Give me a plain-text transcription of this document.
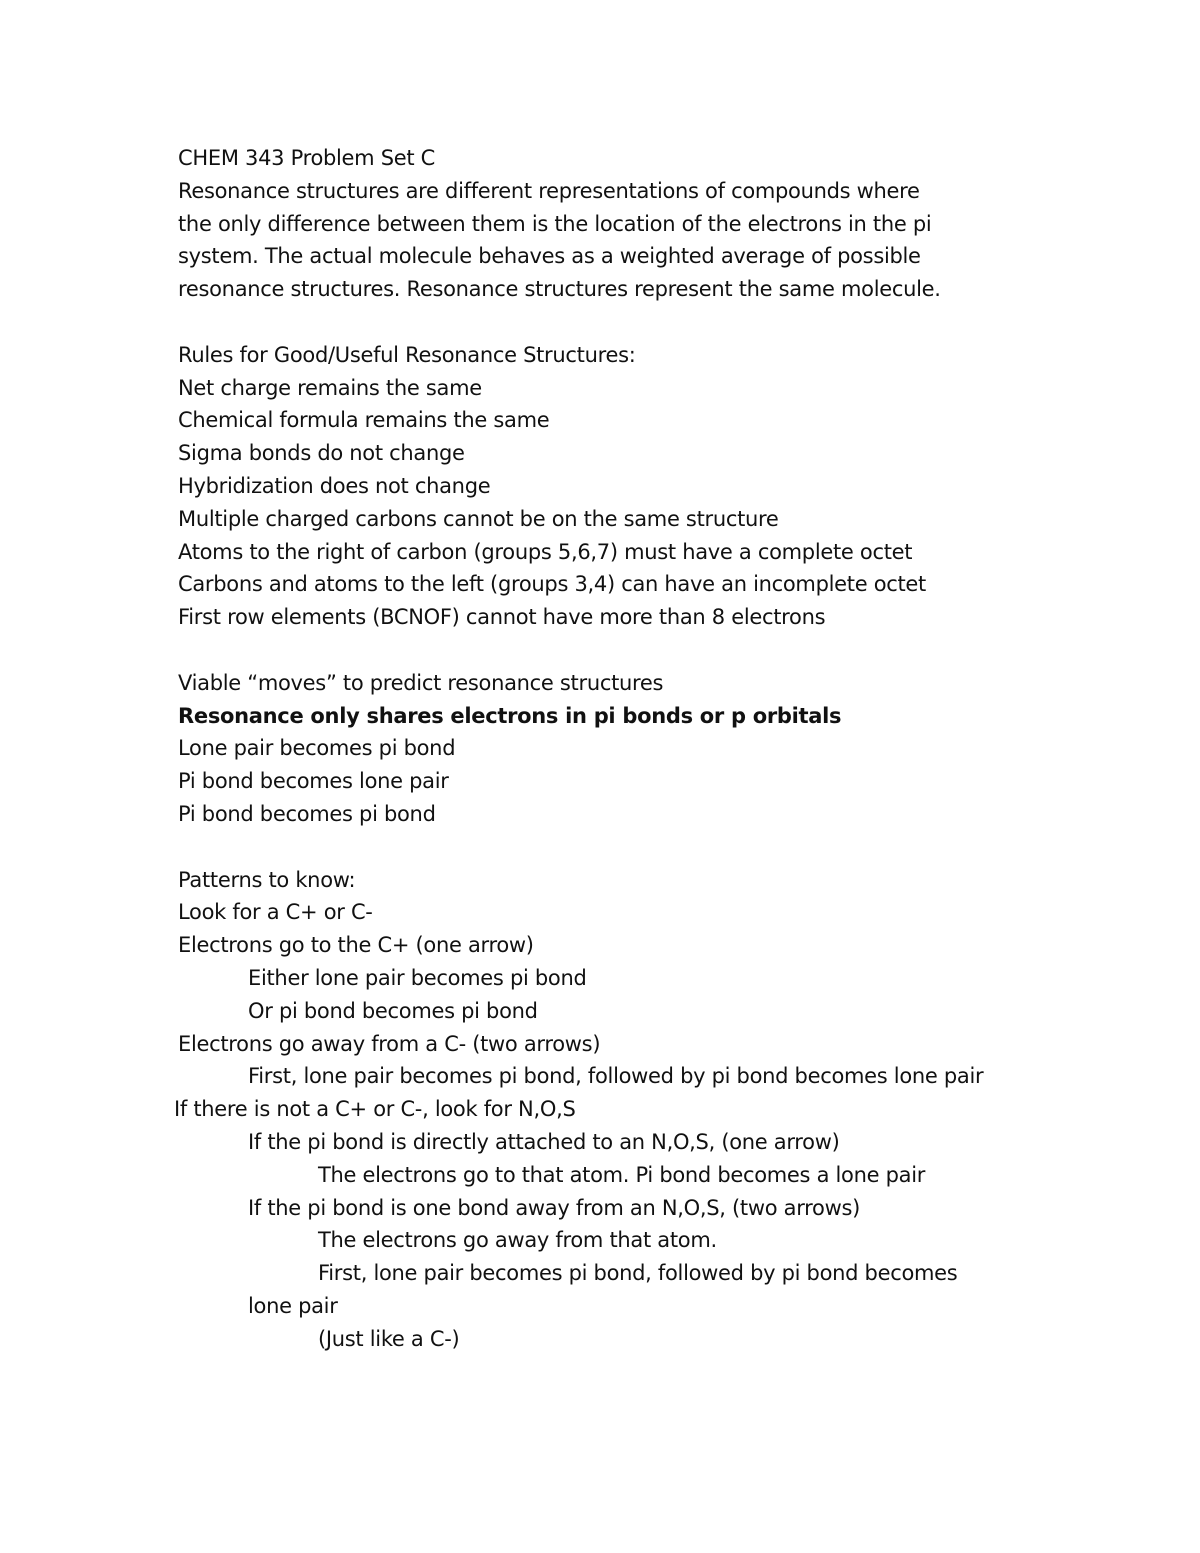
CHEM 343 Problem Set C
Resonance structures are different representations of compounds where
the only difference between them is the location of the electrons in the pi
system. The actual molecule behaves as a weighted average of possible
resonance structures. Resonance structures represent the same molecule.
Rules for Good/Useful Resonance Structures:
Net charge remains the same
Chemical formula remains the same
Sigma bonds do not change
Hybridization does not change
Multiple charged carbons cannot be on the same structure
Atoms to the right of carbon (groups 5,6,7) must have a complete octet
Carbons and atoms to the left (groups 3,4) can have an incomplete octet
First row elements (BCNOF) cannot have more than 8 electrons
Viable “moves” to predict resonance structures
Resonance only shares electrons in pi bonds or p orbitals
Lone pair becomes pi bond
Pi bond becomes lone pair
Pi bond becomes pi bond
Patterns to know:
Look for a C+ or C-
Electrons go to the C+ (one arrow)
Either lone pair becomes pi bond
Or pi bond becomes pi bond
Electrons go away from a C- (two arrows)
First, lone pair becomes pi bond, followed by pi bond becomes lone pair
If there is not a C+ or C-, look for N,O,S
If the pi bond is directly attached to an N,O,S, (one arrow)
The electrons go to that atom. Pi bond becomes a lone pair
If the pi bond is one bond away from an N,O,S, (two arrows)
The electrons go away from that atom.
First, lone pair becomes pi bond, followed by pi bond becomes
lone pair
(Just like a C-)
